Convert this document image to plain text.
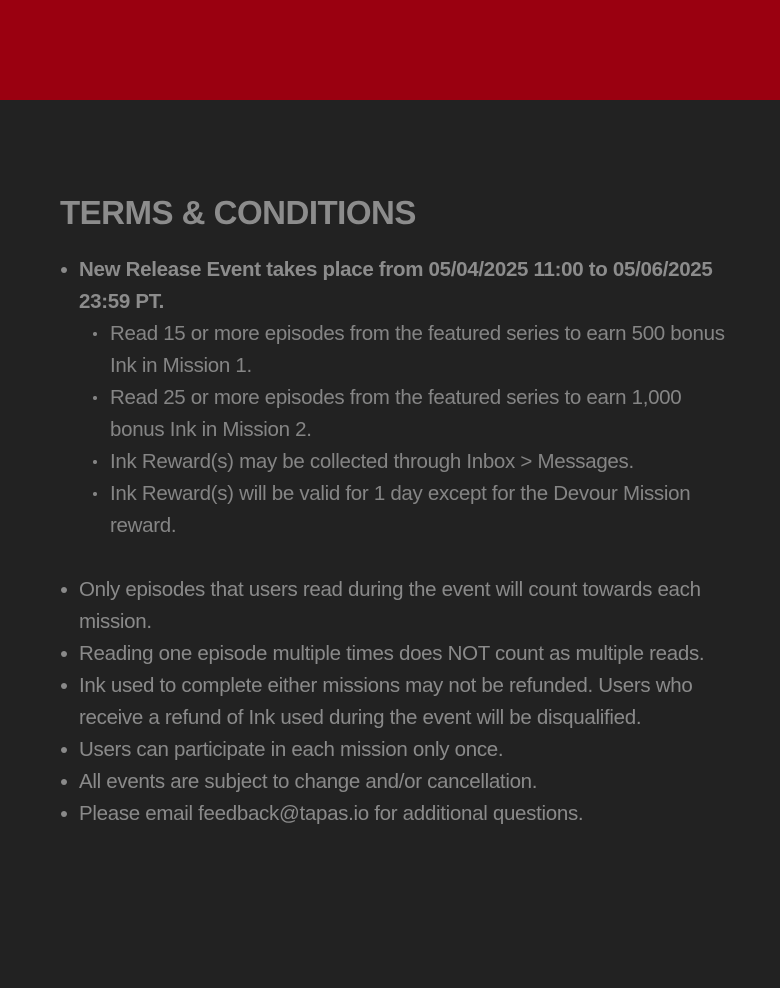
TERMS & CONDITIONS
New Release Event takes place from 05/04/2025 11:00 to 05/06/2025 23:59 PT.
Read 15 or more episodes from the featured series to earn 500 bonus Ink in Mission 1.
Read 25 or more episodes from the featured series to earn 1,000 bonus Ink in Mission 2.
Ink Reward(s) may be collected through Inbox > Messages.
Ink Reward(s) will be valid for 1 day except for the Devour Mission reward.
Only episodes that users read during the event will count towards each mission.
Reading one episode multiple times does NOT count as multiple reads.
Ink used to complete either missions may not be refunded. Users who receive a refund of Ink used during the event will be disqualified.
Users can participate in each mission only once.
All events are subject to change and/or cancellation.
Please email feedback@tapas.io for additional questions.
